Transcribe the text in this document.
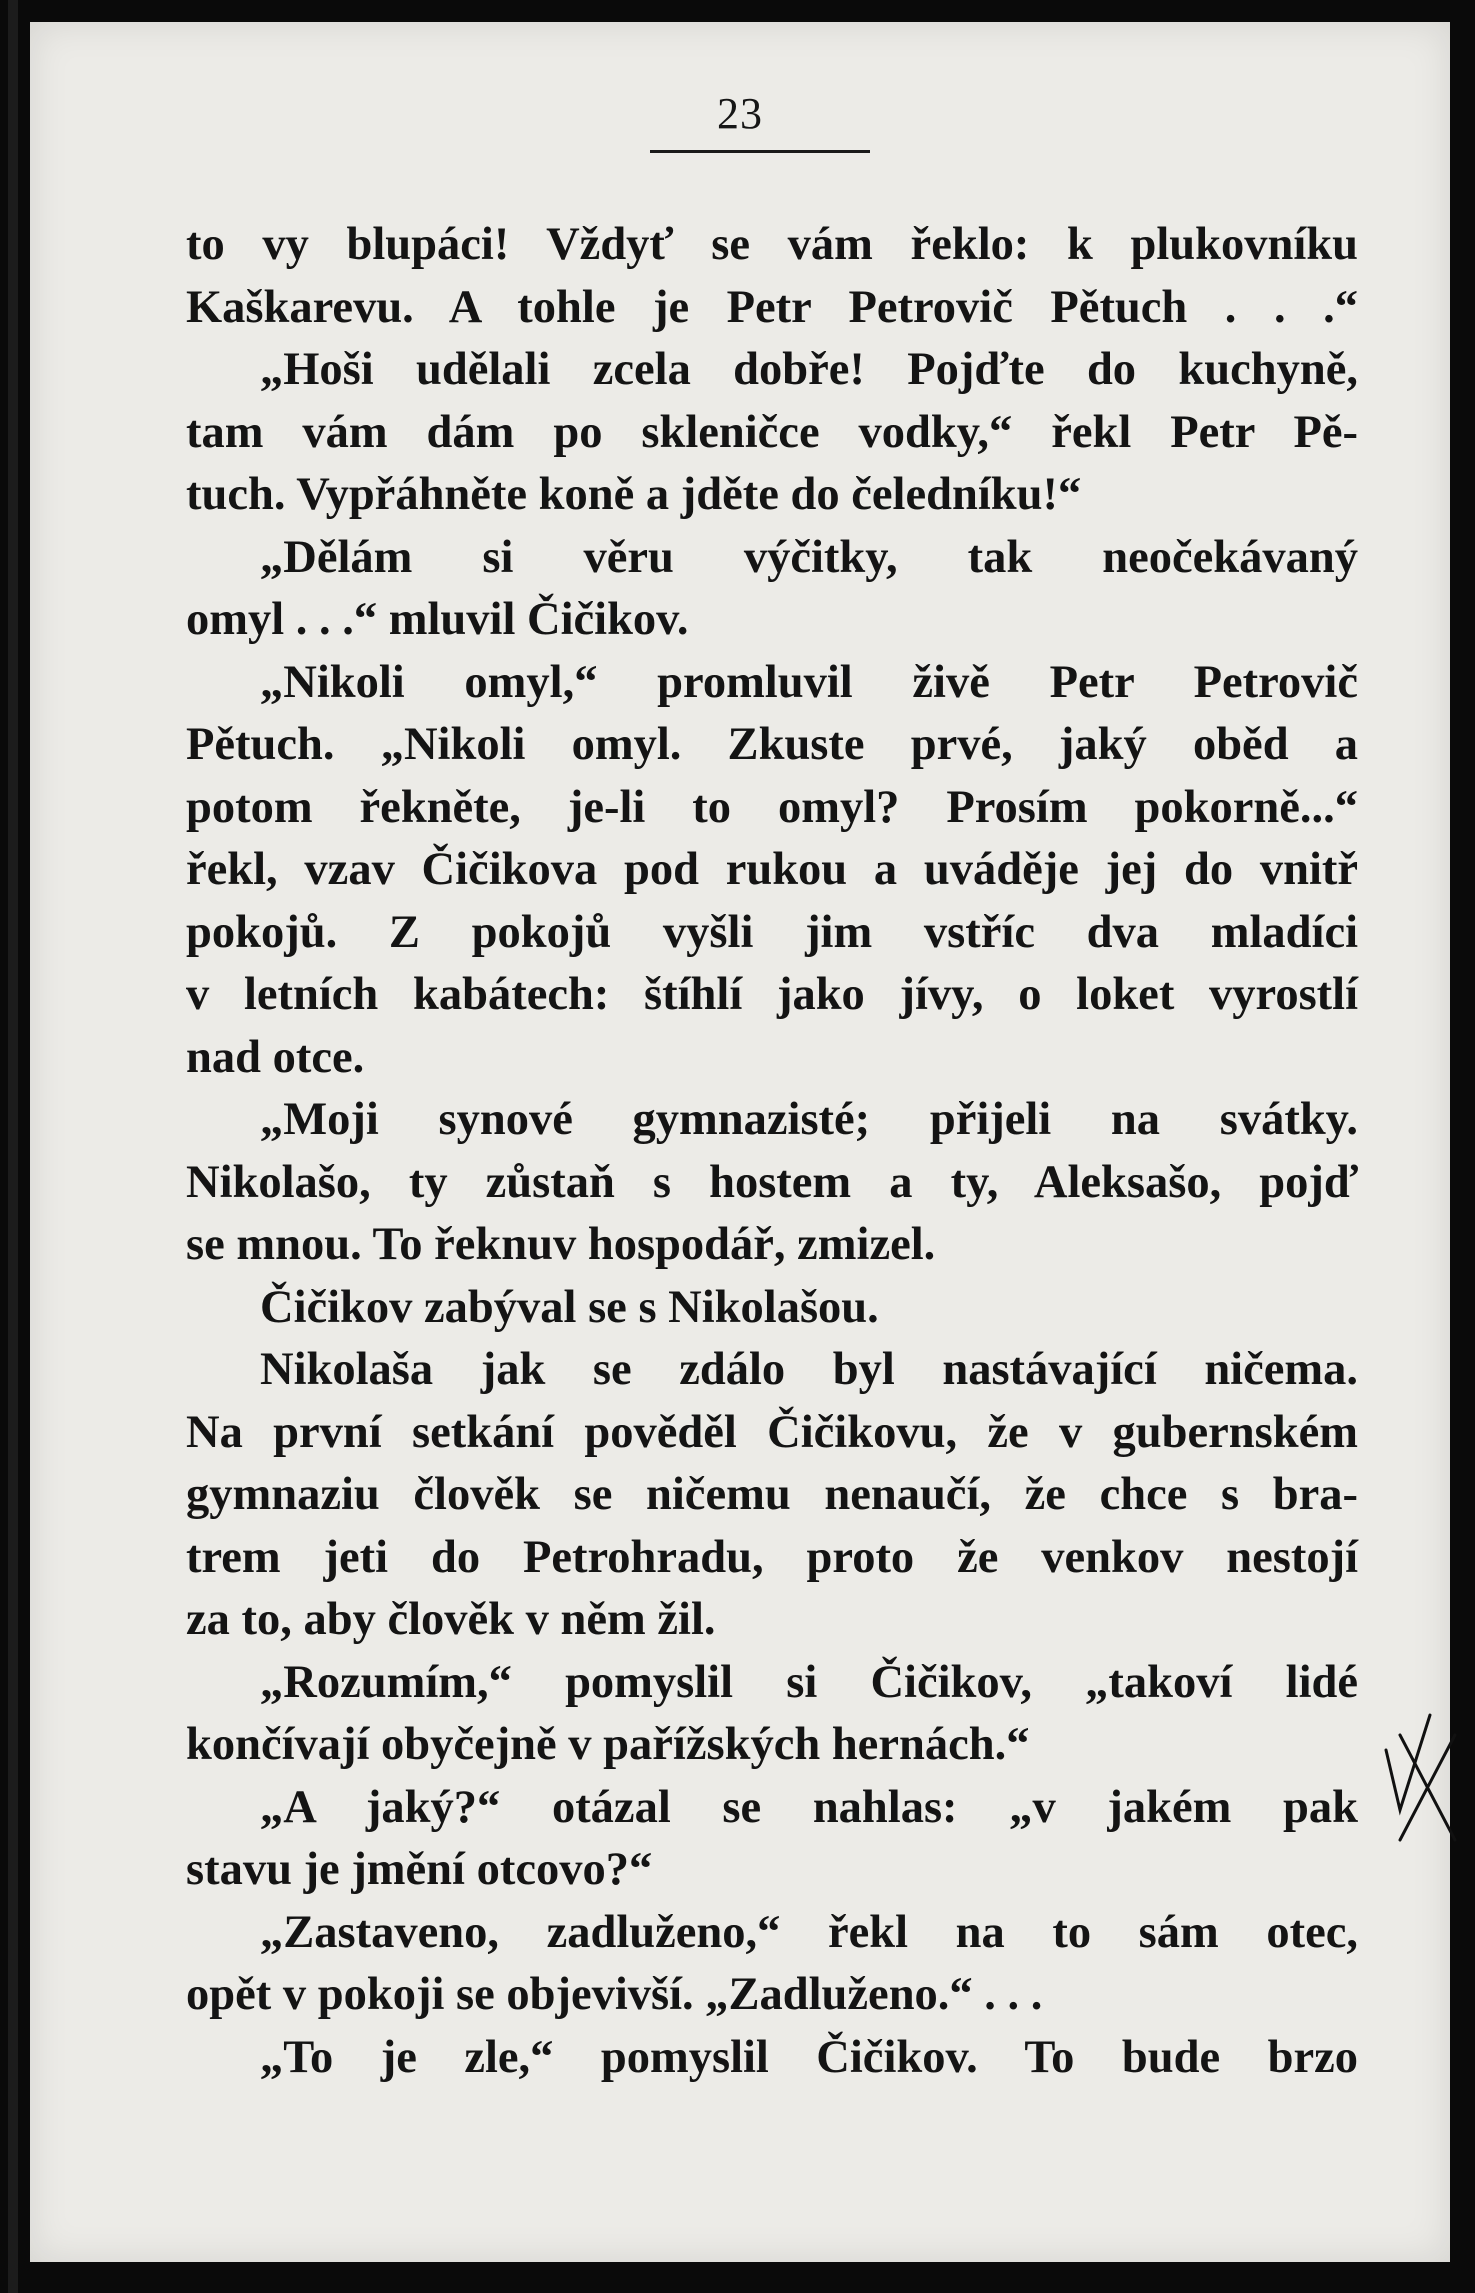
23
to vy blupáci! Vždyť se vám řeklo: k plukovníku
Kaškarevu. A tohle je Petr Petrovič Pětuch . . .“
„Hoši udělali zcela dobře! Pojďte do kuchyně,
tam vám dám po skleničce vodky,“ řekl Petr Pě-
tuch. Vypřáhněte koně a jděte do čeledníku!“
„Dělám si věru výčitky, tak neočekávaný
omyl . . .“ mluvil Čičikov.
„Nikoli omyl,“ promluvil živě Petr Petrovič
Pětuch. „Nikoli omyl. Zkuste prvé, jaký oběd a
potom řekněte, je-li to omyl? Prosím pokorně...“
řekl, vzav Čičikova pod rukou a uváděje jej do vnitř
pokojů. Z pokojů vyšli jim vstříc dva mladíci
v letních kabátech: štíhlí jako jívy, o loket vyrostlí
nad otce.
„Moji synové gymnazisté; přijeli na svátky.
Nikolašo, ty zůstaň s hostem a ty, Aleksašo, pojď
se mnou. To řeknuv hospodář, zmizel.
Čičikov zabýval se s Nikolašou.
Nikolaša jak se zdálo byl nastávající ničema.
Na první setkání pověděl Čičikovu, že v gubernském
gymnaziu člověk se ničemu nenaučí, že chce s bra-
trem jeti do Petrohradu, proto že venkov nestojí
za to, aby člověk v něm žil.
„Rozumím,“ pomyslil si Čičikov, „takoví lidé
končívají obyčejně v pařížských hernách.“
„A jaký?“ otázal se nahlas: „v jakém pak
stavu je jmění otcovo?“
„Zastaveno, zadluženo,“ řekl na to sám otec,
opět v pokoji se objevivší. „Zadluženo.“ . . .
„To je zle,“ pomyslil Čičikov. To bude brzo
